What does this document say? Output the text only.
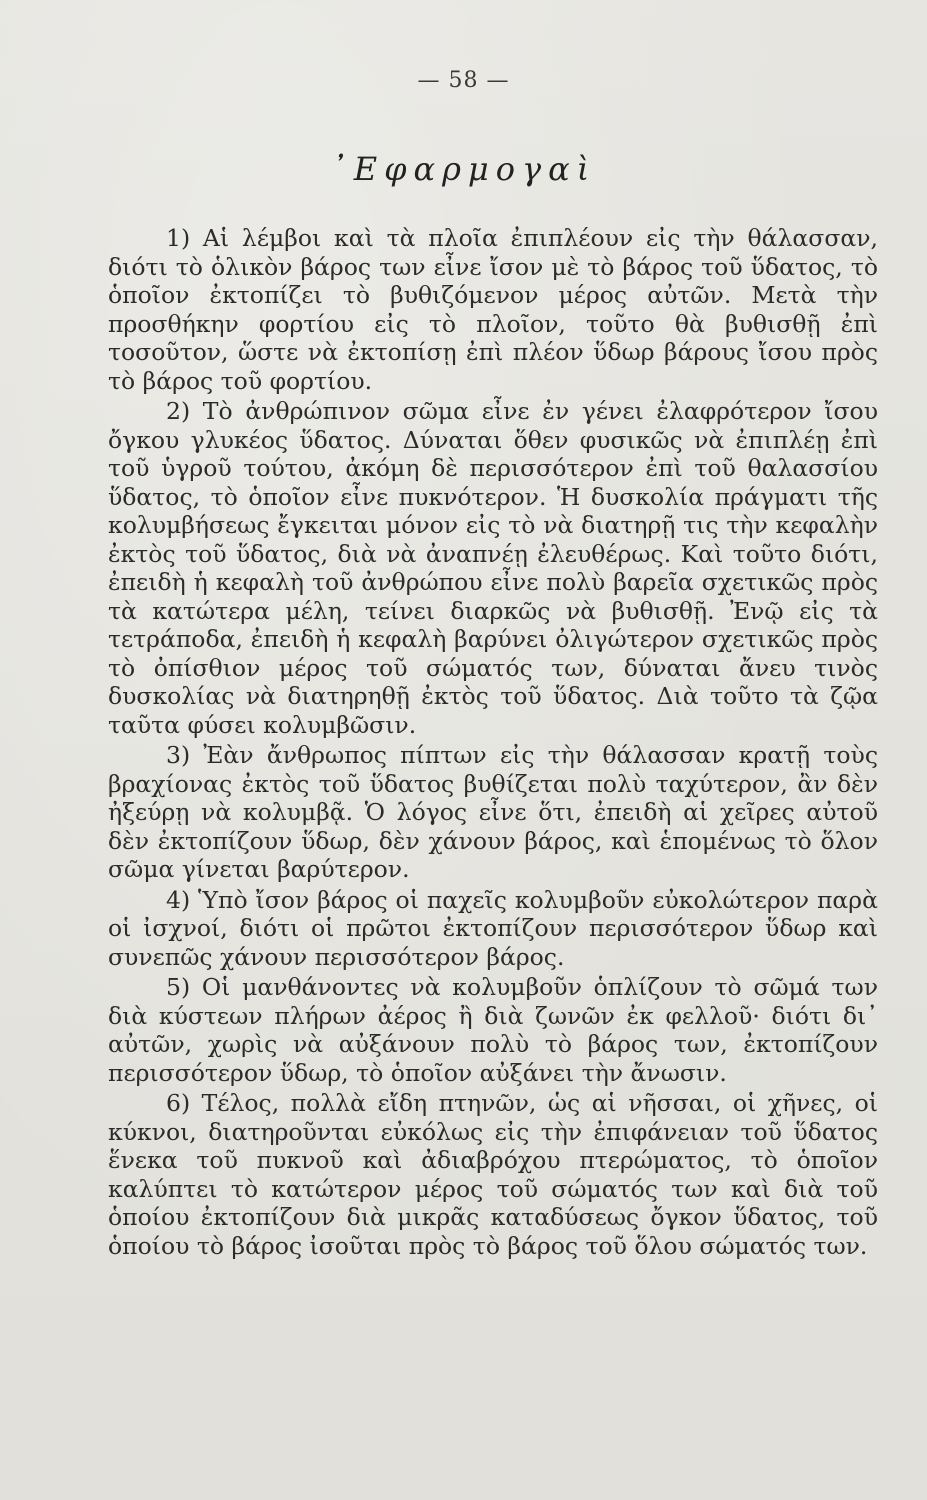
— 58 —
᾿Εφαρμογαὶ

1) Αἱ λέμβοι καὶ τὰ πλοῖα ἐπιπλέουν εἰς τὴν θάλασσαν, διότι τὸ ὁλικὸν βάρος των εἶνε ἴσον μὲ τὸ βάρος τοῦ ὕδατος, τὸ ὁποῖον ἐκτοπίζει τὸ βυθιζόμενον μέρος αὐτῶν. Μετὰ τὴν προσθήκην φορτίου εἰς τὸ πλοῖον, τοῦτο θὰ βυθισθῇ ἐπὶ τοσοῦτον, ὥστε νὰ ἐκτοπίσῃ ἐπὶ πλέον ὕδωρ βάρους ἴσου πρὸς τὸ βάρος τοῦ φορτίου.

2) Τὸ ἀνθρώπινον σῶμα εἶνε ἐν γένει ἐλαφρότερον ἴσου ὄγκου γλυκέος ὕδατος. Δύναται ὅθεν φυσικῶς νὰ ἐπιπλέῃ ἐπὶ τοῦ ὑγροῦ τούτου, ἀκόμη δὲ περισσότερον ἐπὶ τοῦ θαλασσίου ὕδατος, τὸ ὁποῖον εἶνε πυκνότερον. Ἡ δυσκολία πράγματι τῆς κολυμβήσεως ἔγκειται μόνον εἰς τὸ νὰ διατηρῇ τις τὴν κεφαλὴν ἐκτὸς τοῦ ὕδατος, διὰ νὰ ἀναπνέῃ ἐλευθέρως. Καὶ τοῦτο διότι, ἐπειδὴ ἡ κεφαλὴ τοῦ ἀνθρώπου εἶνε πολὺ βαρεῖα σχετικῶς πρὸς τὰ κατώτερα μέλη, τείνει διαρκῶς νὰ βυθισθῇ. Ἐνῷ εἰς τὰ τετράποδα, ἐπειδὴ ἡ κεφαλὴ βαρύνει ὀλιγώτερον σχετικῶς πρὸς τὸ ὀπίσθιον μέρος τοῦ σώματός των, δύναται ἄνευ τινὸς δυσκολίας νὰ διατηρηθῇ ἐκτὸς τοῦ ὕδατος. Διὰ τοῦτο τὰ ζῷα ταῦτα φύσει κολυμβῶσιν.

3) Ἐὰν ἄνθρωπος πίπτων εἰς τὴν θάλασσαν κρατῇ τοὺς βραχίονας ἐκτὸς τοῦ ὕδατος βυθίζεται πολὺ ταχύτερον, ἂν δὲν ἠξεύρῃ νὰ κολυμβᾷ. Ὁ λόγος εἶνε ὅτι, ἐπειδὴ αἱ χεῖρες αὐτοῦ δὲν ἐκτοπίζουν ὕδωρ, δὲν χάνουν βάρος, καὶ ἑπομένως τὸ ὅλον σῶμα γίνεται βαρύτερον.

4) Ὑπὸ ἴσον βάρος οἱ παχεῖς κολυμβοῦν εὐκολώτερον παρὰ οἱ ἰσχνοί, διότι οἱ πρῶτοι ἐκτοπίζουν περισσότερον ὕδωρ καὶ συνεπῶς χάνουν περισσότερον βάρος.

5) Οἱ μανθάνοντες νὰ κολυμβοῦν ὁπλίζουν τὸ σῶμά των διὰ κύστεων πλήρων ἀέρος ἢ διὰ ζωνῶν ἐκ φελλοῦ· διότι δι᾽ αὐτῶν, χωρὶς νὰ αὐξάνουν πολὺ τὸ βάρος των, ἐκτοπίζουν περισσότερον ὕδωρ, τὸ ὁποῖον αὐξάνει τὴν ἄνωσιν.

6) Τέλος, πολλὰ εἴδη πτηνῶν, ὡς αἱ νῆσσαι, οἱ χῆνες, οἱ κύκνοι, διατηροῦνται εὐκόλως εἰς τὴν ἐπιφάνειαν τοῦ ὕδατος ἕνεκα τοῦ πυκνοῦ καὶ ἀδιαβρόχου πτερώματος, τὸ ὁποῖον καλύπτει τὸ κατώτερον μέρος τοῦ σώματός των καὶ διὰ τοῦ ὁποίου ἐκτοπίζουν διὰ μικρᾶς καταδύσεως ὄγκον ὕδατος, τοῦ ὁποίου τὸ βάρος ἰσοῦται πρὸς τὸ βάρος τοῦ ὅλου σώματός των.
